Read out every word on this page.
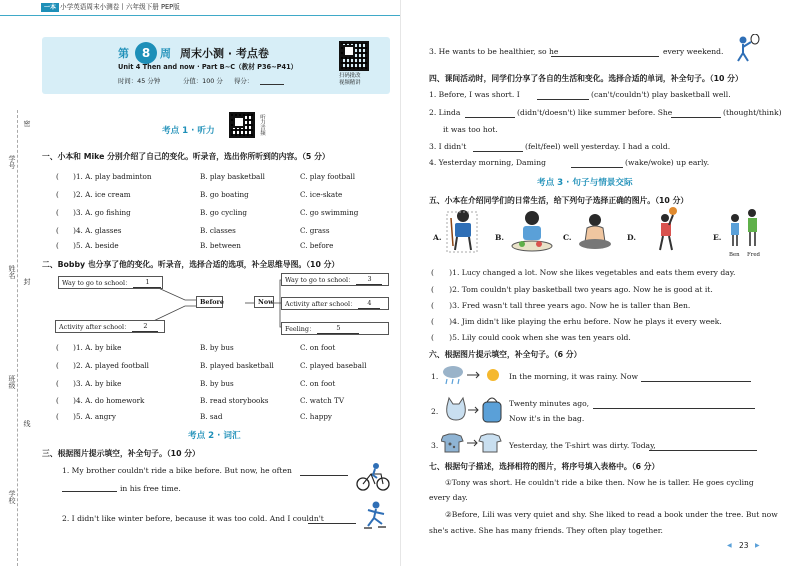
一本 小学英语周末小测卷丨六年级下册 PEP版
学号
密
姓名
封
班级
线
学校
第	8 周 周末小测 · 考点卷
Unit 4 Then and now · Part B~C（教材 P36~P41）
时间：45 分钟	分值：100 分 得分：
扫码批改
视频精讲
考点 1 · 听力	听力音频
一、小本和 Mike 分别介绍了自己的变化。听录音，选出你所听到的内容。（5 分）
(　　)1. A. play badminton	B. play basketball	C. play football
(　　)2. A. ice cream	B. go boating	C. ice-skate
(　　)3. A. go fishing	B. go cycling	C. go swimming
(　　)4. A. glasses	B. classes	C. grass
(　　)5. A. beside	B. between	C. before
二、Bobby 也分享了他的变化。听录音，选择合适的选项，补全思维导图。（10 分）
Way to go to school： 1
Activity after school： 2
Before	Now
Way to go to school： 3
Activity after school： 4
Feeling：	5
(　　)1. A. by bike	B. by bus	C. on foot
(　　)2. A. played football	B. played basketball	C. played baseball
(　　)3. A. by bike	B. by bus	C. on foot
(　　)4. A. do homework	B. read storybooks	C. watch TV
(　　)5. A. angry	B. sad	C. happy
考点 2 · 词汇
三、根据图片提示填空，补全句子。（10 分）
1. My brother couldn't ride a bike before. But now, he often
in his free time.
2. I didn't like winter before, because it was too cold. And I couldn't
3. He wants to be healthier, so he	every weekend.
四、课间活动时，同学们分享了各自的生活和变化。选择合适的单词，补全句子。（10 分）
1. Before, I was short. I	(can't/couldn't) play basketball well.
2. Linda	(didn't/doesn't) like summer before. She	(thought/think)
it was too hot.
3. I didn't	(felt/feel) well yesterday. I had a cold.
4. Yesterday morning, Daming	(wake/woke) up early.
考点 3 · 句子与情景交际
五、小本在介绍同学们的日常生活，给下列句子选择正确的图片。（10 分）
A.	B.	C.	D.	E.
Ben Fred
(　　)1. Lucy changed a lot. Now she likes vegetables and eats them every day.
(　　)2. Tom couldn't play basketball two years ago. Now he is good at it.
(　　)3. Fred wasn't tall three years ago. Now he is taller than Ben.
(　　)4. Jim didn't like playing the erhu before. Now he plays it every week.
(　　)5. Lily could cook when she was ten years old.
六、根据图片提示填空，补全句子。（6 分）
1.	In the morning, it was rainy. Now
2.
Twenty minutes ago,
Now it's in the bag.
3.	Yesterday, the T-shirt was dirty. Today,
七、根据句子描述，选择相符的图片，将序号填入表格中。（6 分）
①Tony was short. He couldn't ride a bike then. Now he is taller. He goes cycling
every day.
②Before, Lili was very quiet and shy. She liked to read a book under the tree. But now
she's active. She has many friends. They often play together.
◀ 23 ▶
